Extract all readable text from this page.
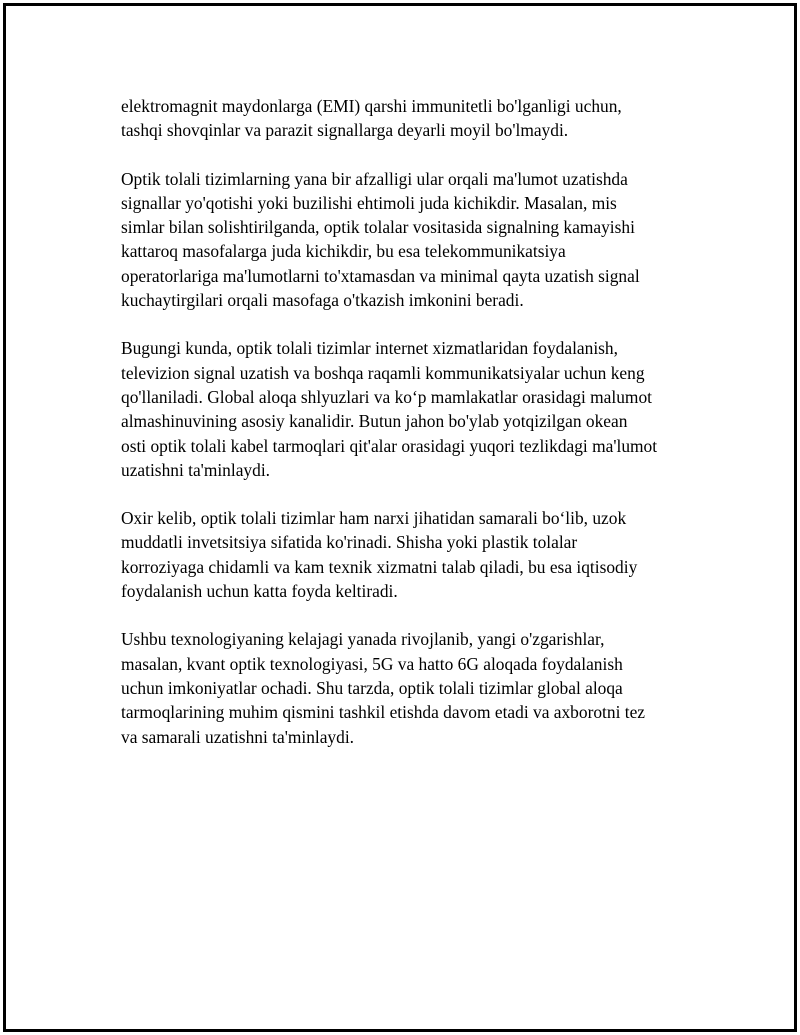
elektromagnit maydonlarga (EMI) qarshi immunitetli bo'lganligi uchun,
tashqi shovqinlar va parazit signallarga deyarli moyil bo'lmaydi.

Optik tolali tizimlarning yana bir afzalligi ular orqali ma'lumot uzatishda
signallar yo'qotishi yoki buzilishi ehtimoli juda kichikdir. Masalan, mis
simlar bilan solishtirilganda, optik tolalar vositasida signalning kamayishi
kattaroq masofalarga juda kichikdir, bu esa telekommunikatsiya
operatorlariga ma'lumotlarni to'xtamasdan va minimal qayta uzatish signal
kuchaytirgilari orqali masofaga o'tkazish imkonini beradi.

Bugungi kunda, optik tolali tizimlar internet xizmatlaridan foydalanish,
televizion signal uzatish va boshqa raqamli kommunikatsiyalar uchun keng
qo'llaniladi. Global aloqa shlyuzlari va ko‘p mamlakatlar orasidagi malumot
almashinuvining asosiy kanalidir. Butun jahon bo'ylab yotqizilgan okean
osti optik tolali kabel tarmoqlari qit'alar orasidagi yuqori tezlikdagi ma'lumot
uzatishni ta'minlaydi.

Oxir kelib, optik tolali tizimlar ham narxi jihatidan samarali bo‘lib, uzok
muddatli invetsitsiya sifatida ko'rinadi. Shisha yoki plastik tolalar
korroziyaga chidamli va kam texnik xizmatni talab qiladi, bu esa iqtisodiy
foydalanish uchun katta foyda keltiradi.

Ushbu texnologiyaning kelajagi yanada rivojlanib, yangi o'zgarishlar,
masalan, kvant optik texnologiyasi, 5G va hatto 6G aloqada foydalanish
uchun imkoniyatlar ochadi. Shu tarzda, optik tolali tizimlar global aloqa
tarmoqlarining muhim qismini tashkil etishda davom etadi va axborotni tez
va samarali uzatishni ta'minlaydi.
